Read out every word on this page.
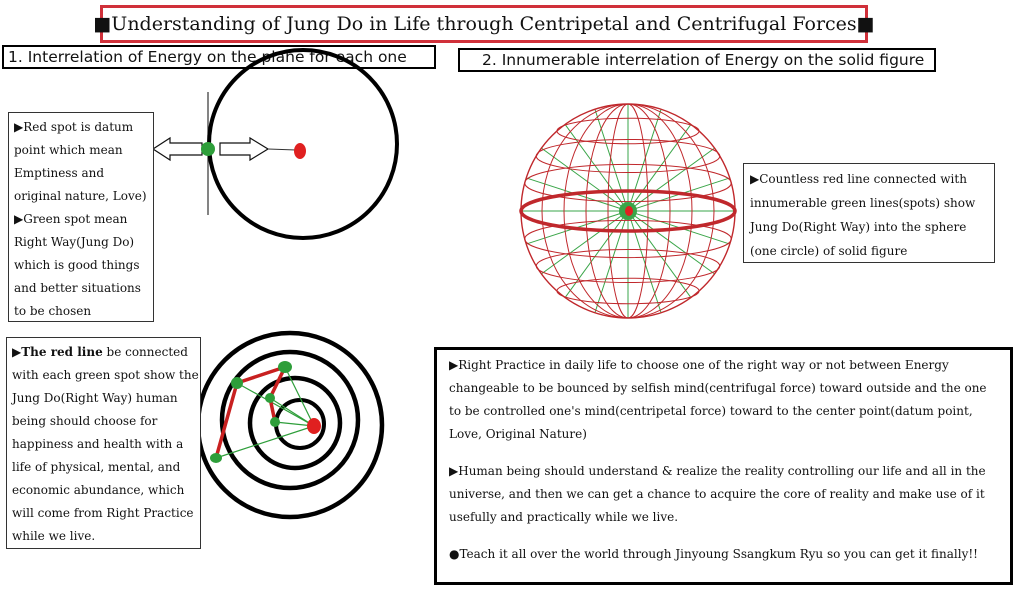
■Understanding of Jung Do in Life through Centripetal and Centrifugal Forces■
1. Interrelation of Energy on the plane for each one	2. Innumerable interrelation of Energy on the solid figure
▶Red spot is datum
point which mean
Emptiness and
original nature, Love)
▶Green spot mean
Right Way(Jung Do)
which is good things
and better situations
to be chosen
▶Countless red line connected with
innumerable green lines(spots) show
Jung Do(Right Way) into the sphere
(one circle) of solid figure
▶The red line be connected
with each green spot show the
Jung Do(Right Way) human
being should choose for
happiness and health with a
life of physical, mental, and
economic abundance, which
will come from Right Practice
while we live.
▶Right Practice in daily life to choose one of the right way or not between Energy
changeable to be bounced by selfish mind(centrifugal force) toward outside and the one
to be controlled one's mind(centripetal force) toward to the center point(datum point,
Love, Original Nature)
▶Human being should understand & realize the reality controlling our life and all in the
universe, and then we can get a chance to acquire the core of reality and make use of it
usefully and practically while we live.
●Teach it all over the world through Jinyoung Ssangkum Ryu so you can get it finally!!
